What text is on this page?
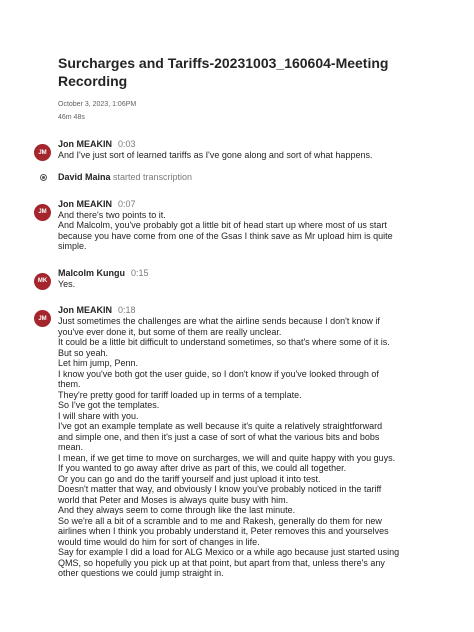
Surcharges and Tariffs-20231003_160604-Meeting
Recording
October 3, 2023, 1:06PM
46m 48s
JM
Jon MEAKIN 0:03
And I've just sort of learned tariffs as I've gone along and sort of what happens.
David Maina started transcription
JM
Jon MEAKIN 0:07
And there's two points to it.
And Malcolm, you've probably got a little bit of head start up where most of us start
because you have come from one of the Gsas I think save as Mr upload him is quite
simple.
MK
Malcolm Kungu 0:15
Yes.
JM
Jon MEAKIN 0:18
Just sometimes the challenges are what the airline sends because I don't know if
you've ever done it, but some of them are really unclear.
It could be a little bit difficult to understand sometimes, so that's where some of it is.
But so yeah.
Let him jump, Penn.
I know you've both got the user guide, so I don't know if you've looked through of
them.
They're pretty good for tariff loaded up in terms of a template.
So I've got the templates.
I will share with you.
I've got an example template as well because it's quite a relatively straightforward
and simple one, and then it's just a case of sort of what the various bits and bobs
mean.
I mean, if we get time to move on surcharges, we will and quite happy with you guys.
If you wanted to go away after drive as part of this, we could all together.
Or you can go and do the tariff yourself and just upload it into test.
Doesn't matter that way, and obviously I know you've probably noticed in the tariff
world that Peter and Moses is always quite busy with him.
And they always seem to come through like the last minute.
So we're all a bit of a scramble and to me and Rakesh, generally do them for new
airlines when I think you probably understand it, Peter removes this and yourselves
would time would do him for sort of changes in life.
Say for example I did a load for ALG Mexico or a while ago because just started using
QMS, so hopefully you pick up at that point, but apart from that, unless there's any
other questions we could jump straight in.
